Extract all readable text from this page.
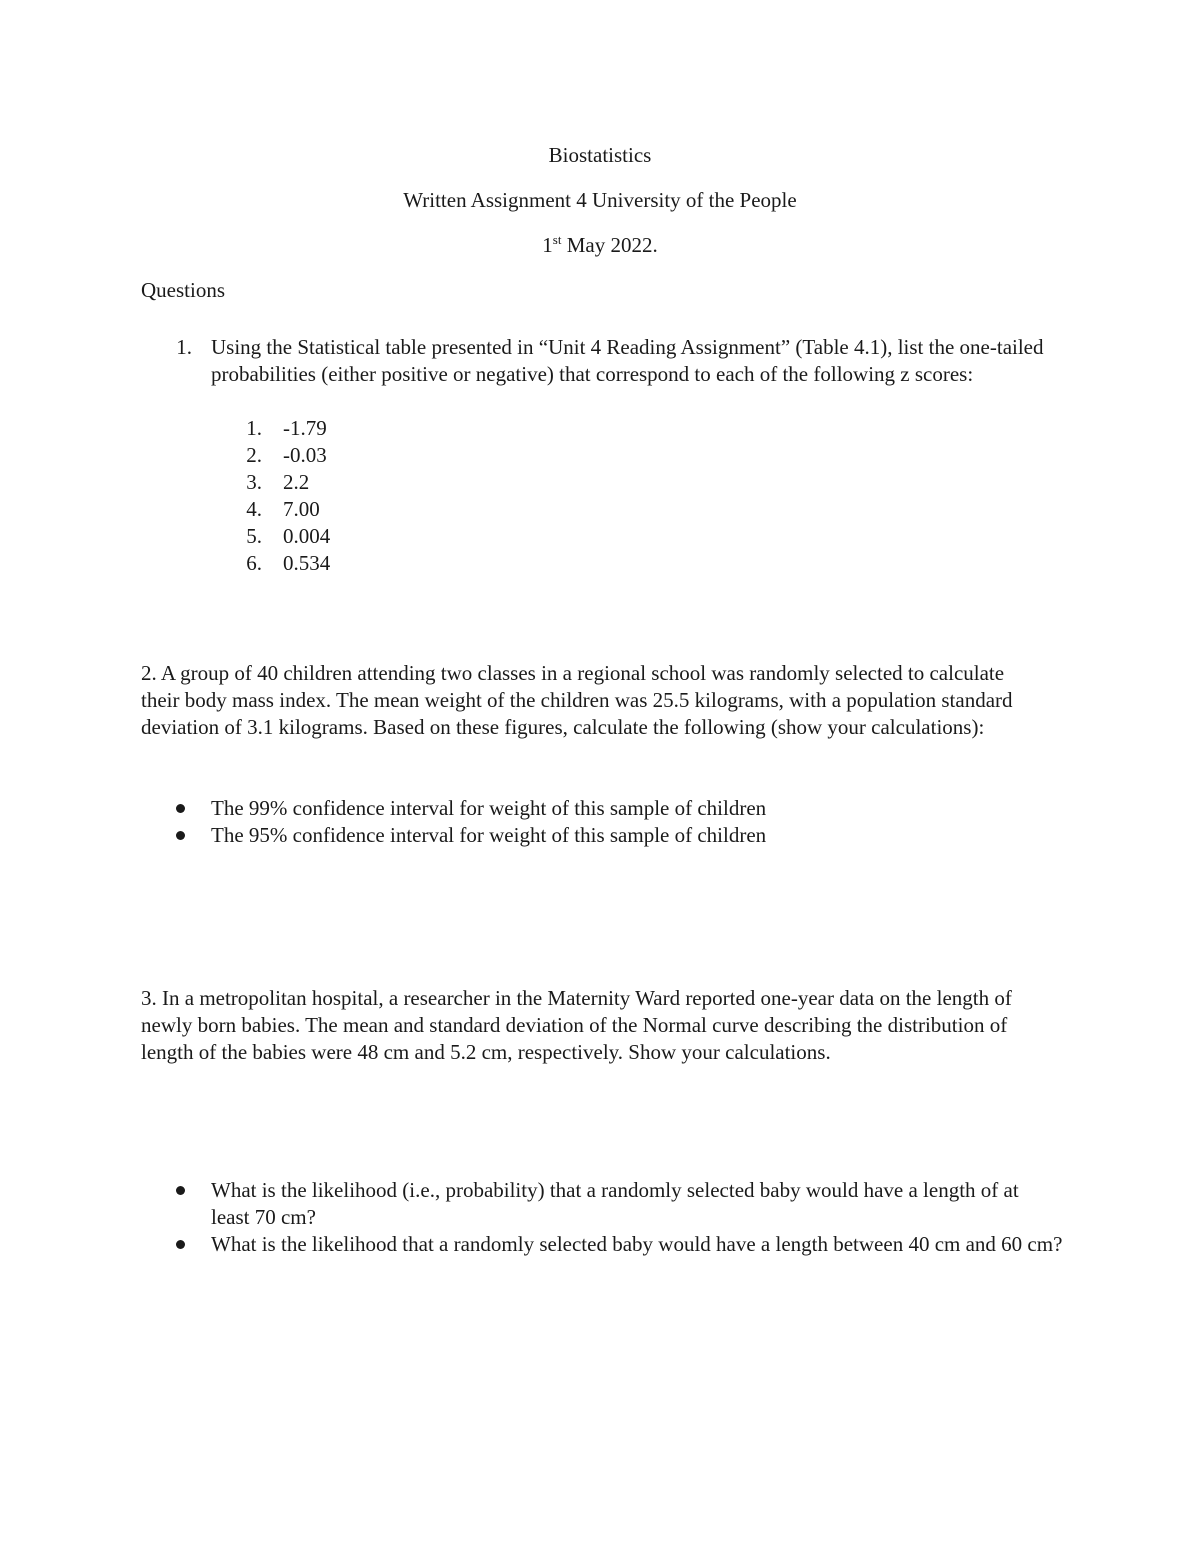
Biostatistics
Written Assignment 4 University of the People
1st May 2022.
Questions
1. Using the Statistical table presented in “Unit 4 Reading Assignment” (Table 4.1), list the one-tailed probabilities (either positive or negative) that correspond to each of the following z scores:
1. -1.79
2. -0.03
3. 2.2
4. 7.00
5. 0.004
6. 0.534
2. A group of 40 children attending two classes in a regional school was randomly selected to calculate their body mass index. The mean weight of the children was 25.5 kilograms, with a population standard deviation of 3.1 kilograms. Based on these figures, calculate the following (show your calculations):
The 99% confidence interval for weight of this sample of children
The 95% confidence interval for weight of this sample of children
3. In a metropolitan hospital, a researcher in the Maternity Ward reported one-year data on the length of newly born babies. The mean and standard deviation of the Normal curve describing the distribution of length of the babies were 48 cm and 5.2 cm, respectively. Show your calculations.
What is the likelihood (i.e., probability) that a randomly selected baby would have a length of at least 70 cm?
What is the likelihood that a randomly selected baby would have a length between 40 cm and 60 cm?
